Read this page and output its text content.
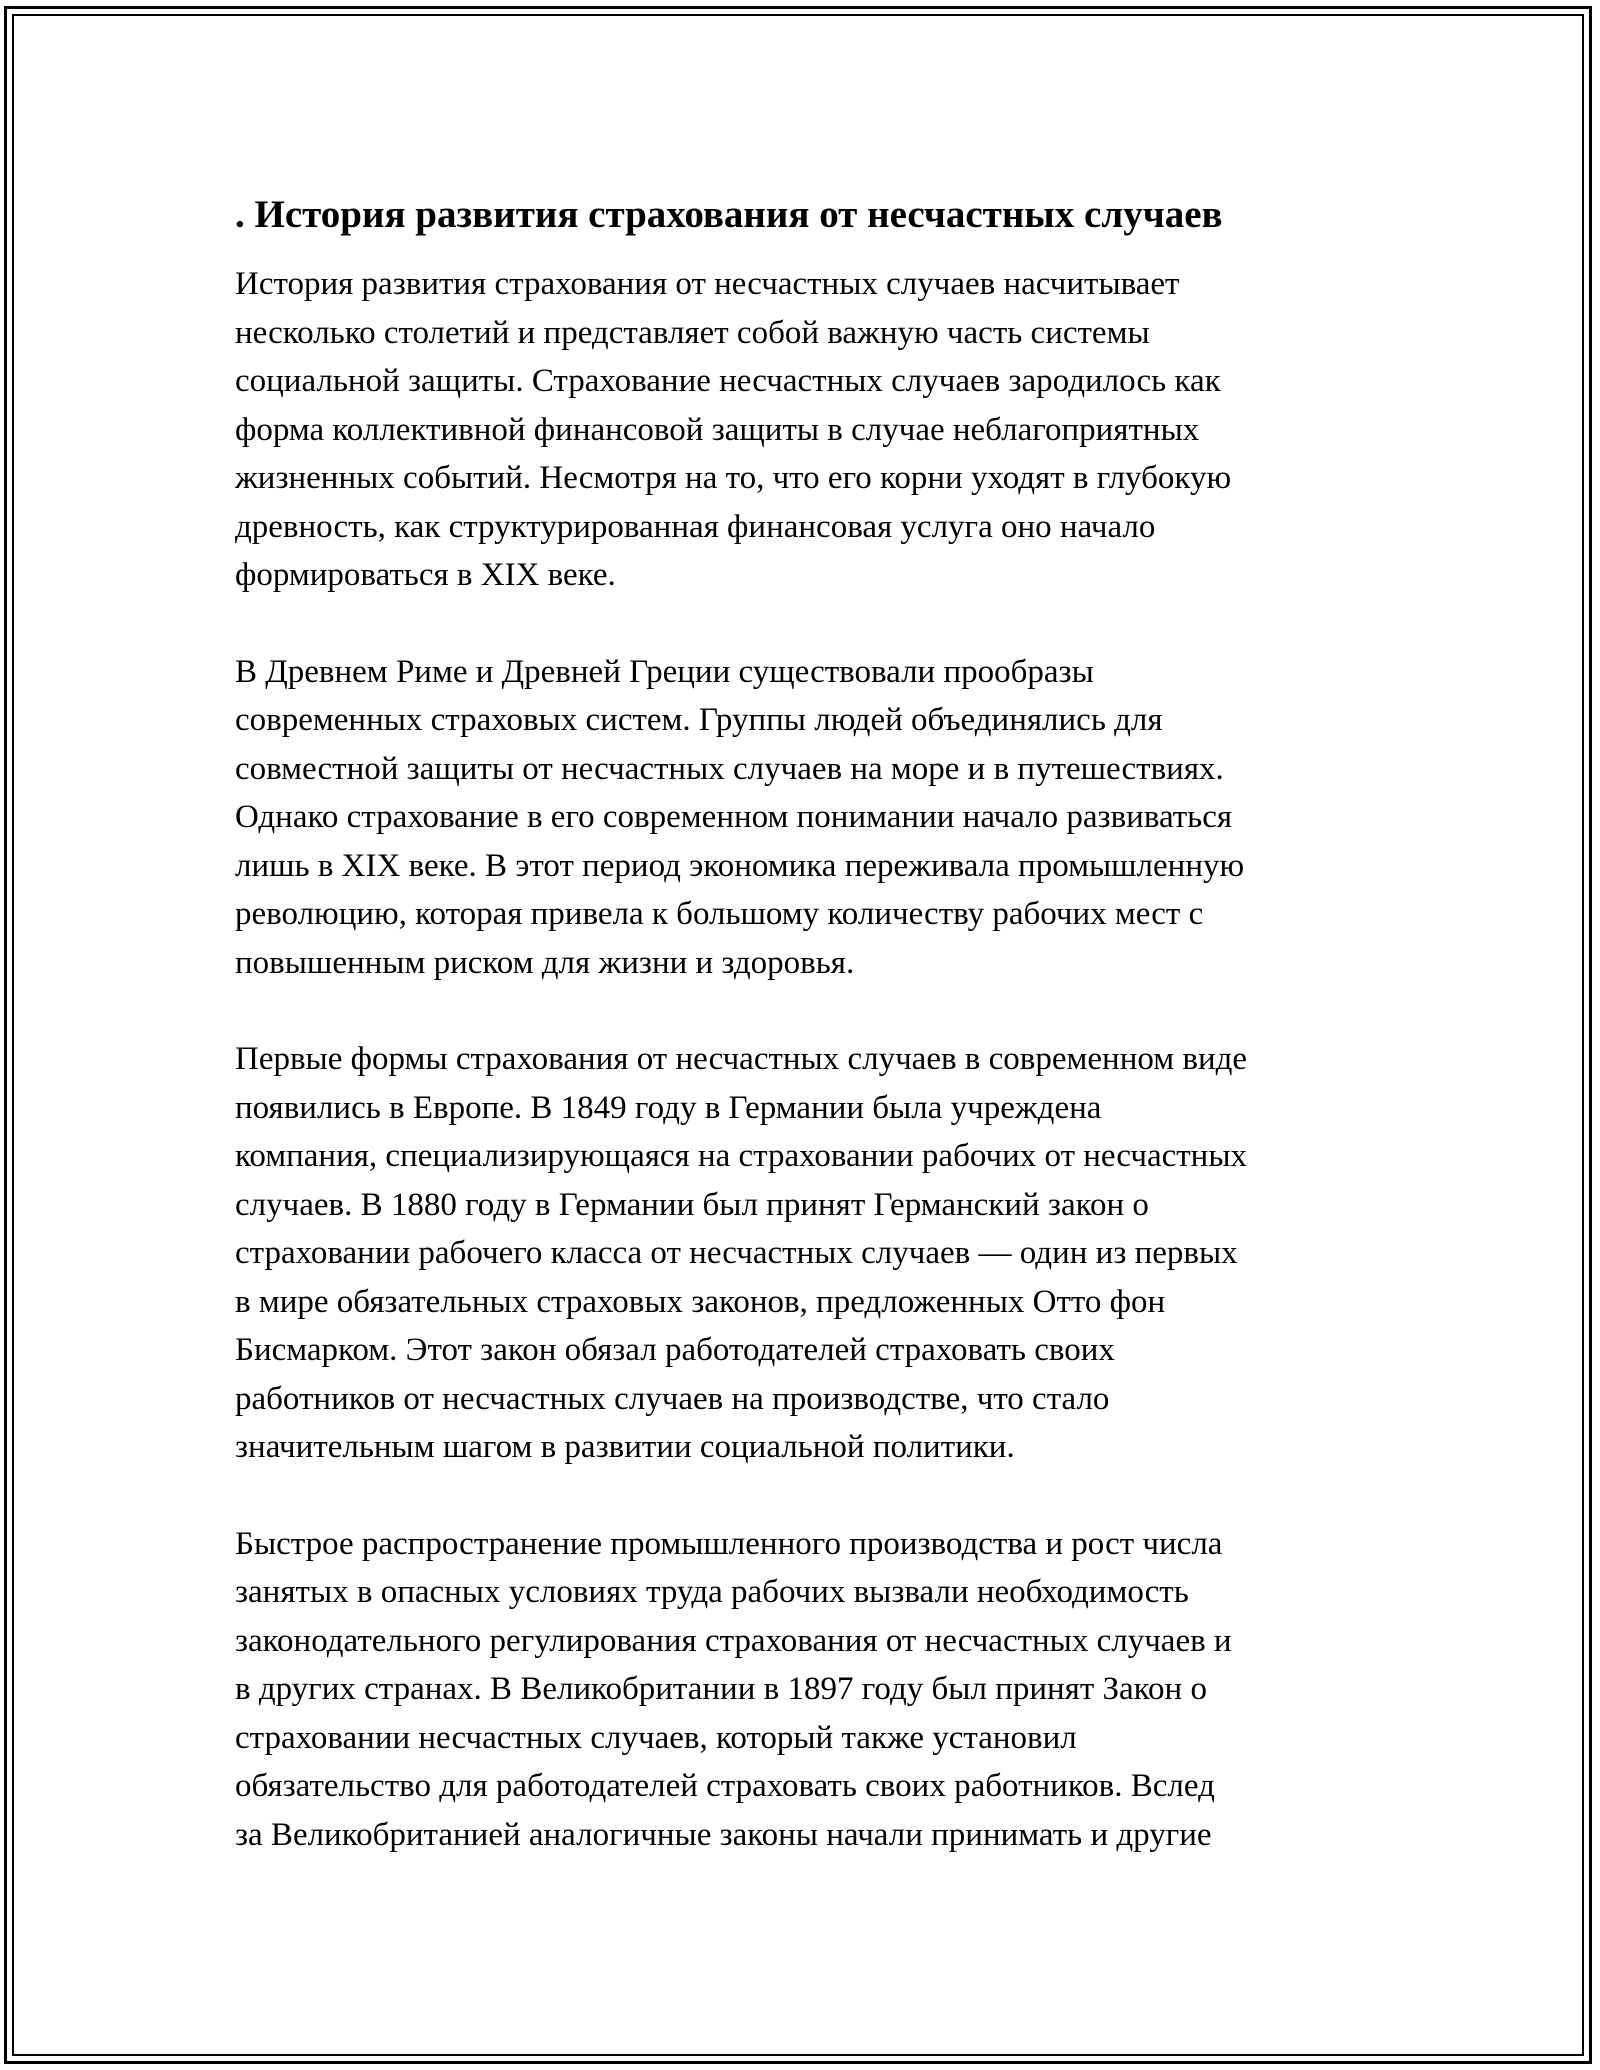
. История развития страхования от несчастных случаев

История развития страхования от несчастных случаев насчитывает
несколько столетий и представляет собой важную часть системы
социальной защиты. Страхование несчастных случаев зародилось как
форма коллективной финансовой защиты в случае неблагоприятных
жизненных событий. Несмотря на то, что его корни уходят в глубокую
древность, как структурированная финансовая услуга оно начало
формироваться в XIX веке.

В Древнем Риме и Древней Греции существовали прообразы
современных страховых систем. Группы людей объединялись для
совместной защиты от несчастных случаев на море и в путешествиях.
Однако страхование в его современном понимании начало развиваться
лишь в XIX веке. В этот период экономика переживала промышленную
революцию, которая привела к большому количеству рабочих мест с
повышенным риском для жизни и здоровья.

Первые формы страхования от несчастных случаев в современном виде
появились в Европе. В 1849 году в Германии была учреждена
компания, специализирующаяся на страховании рабочих от несчастных
случаев. В 1880 году в Германии был принят Германский закон о
страховании рабочего класса от несчастных случаев — один из первых
в мире обязательных страховых законов, предложенных Отто фон
Бисмарком. Этот закон обязал работодателей страховать своих
работников от несчастных случаев на производстве, что стало
значительным шагом в развитии социальной политики.

Быстрое распространение промышленного производства и рост числа
занятых в опасных условиях труда рабочих вызвали необходимость
законодательного регулирования страхования от несчастных случаев и
в других странах. В Великобритании в 1897 году был принят Закон о
страховании несчастных случаев, который также установил
обязательство для работодателей страховать своих работников. Вслед
за Великобританией аналогичные законы начали принимать и другие
